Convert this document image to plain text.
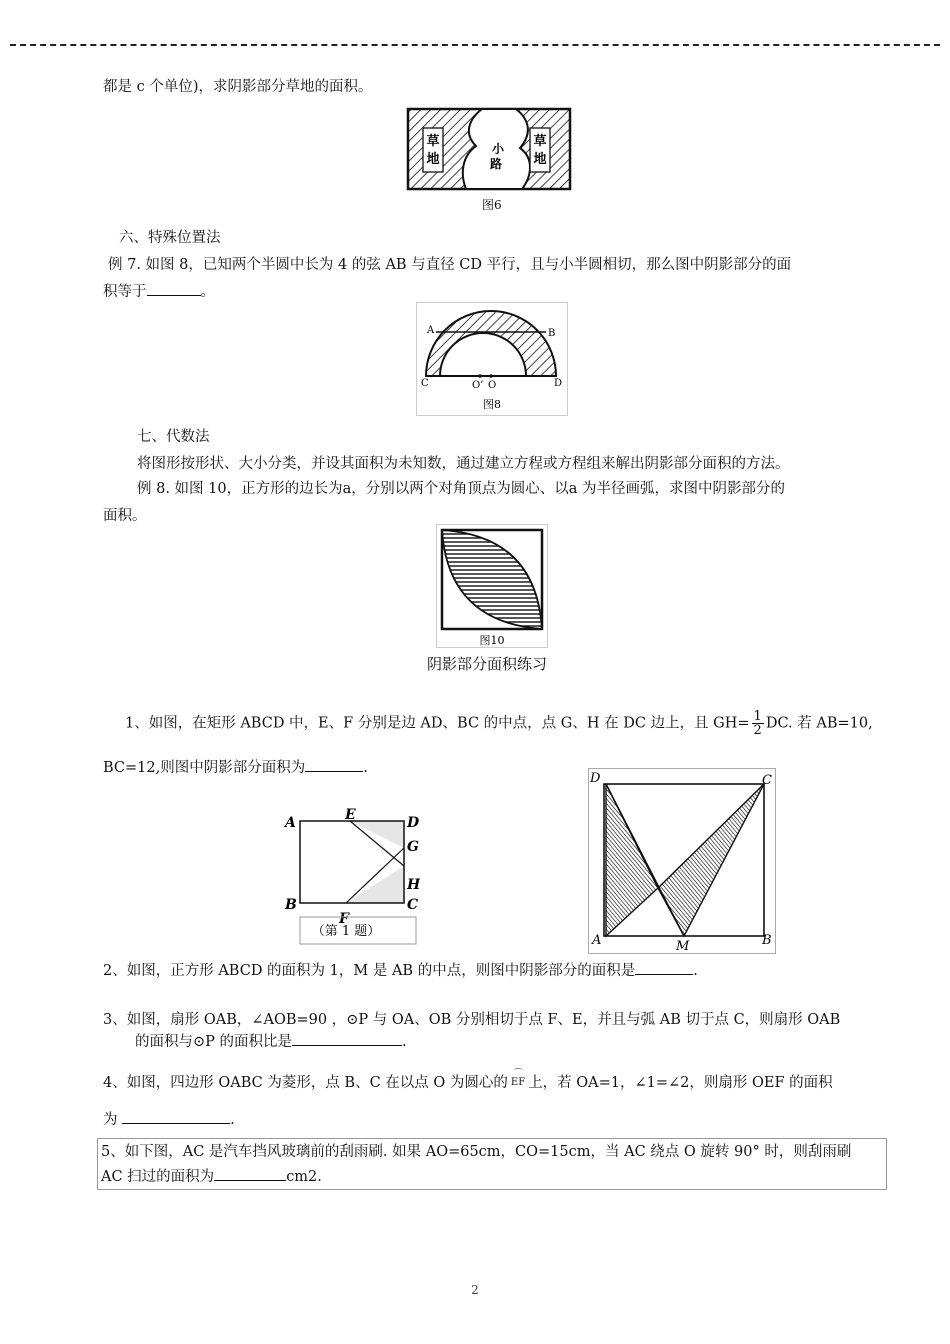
都是 c 个单位)，求阴影部分草地的面积。
草
地
草
地
小
路
图6
六、特殊位置法
例 7. 如图 8，已知两个半圆中长为 4 的弦 AB 与直径 CD 平行，且与小半圆相切，那么图中阴影部分的面
积等于	。
A	B
C	D
O’ O
图8
七、代数法
将图形按形状、大小分类，并设其面积为未知数，通过建立方程或方程组来解出阴影部分面积的方法。
例 8. 如图 10，正方形的边长为a，分别以两个对角顶点为圆心、以a 为半径画弧，求图中阴影部分的
面积。
图10
阴影部分面积练习
1、如图，在矩形 ABCD 中，E、F 分别是边 AD、BC 的中点，点 G、H 在 DC 边上，且 $GH= \frac{1}{2}$ DC. 若 AB=10,
BC=12,则图中阴影部分面积为	.
A	E	D
G
H
B	C
F
（第 1 题）
D	C
A	M	B
2、如图，正方形 ABCD 的面积为 1，M 是 AB 的中点，则图中阴影部分的面积是	.
3、如图，扇形 OAB，∠AOB=90 ，⊙P 与 OA、OB 分别相切于点 F、E，并且与弧 AB 切于点 C，则扇形 OAB
的面积与⊙P 的面积比是	.
4、如图，四边形 OABC 为菱形，点 B、C 在以点 O 为圆心的
⌒
EF 上，若 OA=1，∠1=∠2，则扇形 OEF 的面积
为	.
5、如下图，AC 是汽车挡风玻璃前的刮雨刷. 如果 AO=65cm，CO=15cm，当 AC 绕点 O 旋转 90° 时，则刮雨刷
AC 扫过的面积为	cm2.
2
